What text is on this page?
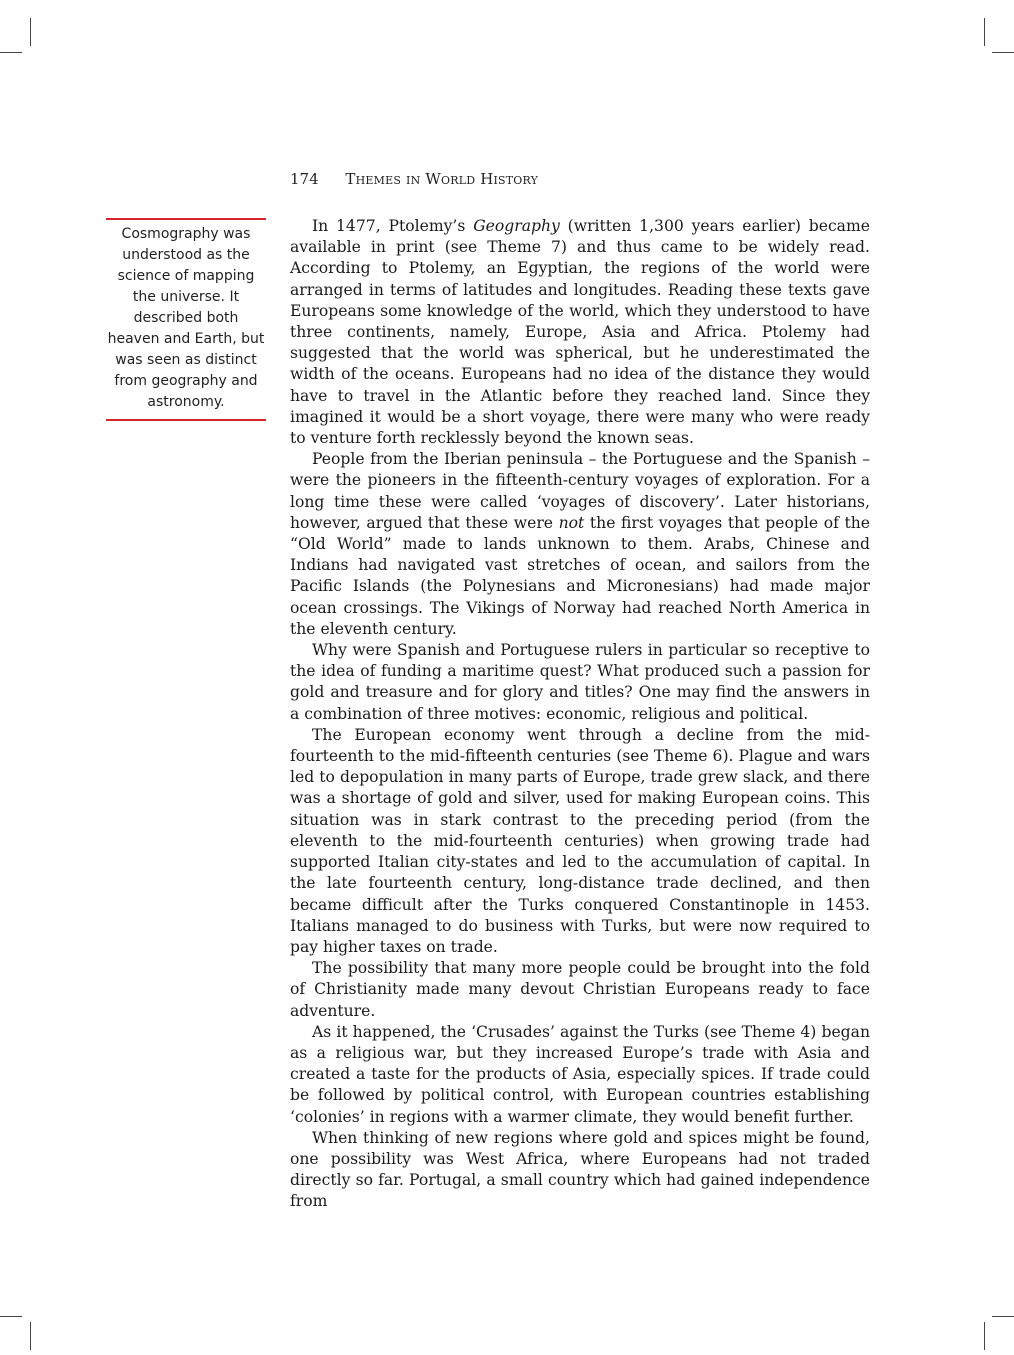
174 Themes in World History
Cosmography was understood as the science of mapping the universe. It described both heaven and Earth, but was seen as distinct from geography and astronomy.

In 1477, Ptolemy’s Geography (written 1,300 years earlier) became available in print (see Theme 7) and thus came to be widely read. According to Ptolemy, an Egyptian, the regions of the world were arranged in terms of latitudes and longitudes. Reading these texts gave Europeans some knowledge of the world, which they understood to have three continents, namely, Europe, Asia and Africa. Ptolemy had suggested that the world was spherical, but he underestimated the width of the oceans. Europeans had no idea of the distance they would have to travel in the Atlantic before they reached land. Since they imagined it would be a short voyage, there were many who were ready to venture forth recklessly beyond the known seas.

People from the Iberian peninsula – the Portuguese and the Spanish – were the pioneers in the fifteenth-century voyages of exploration. For a long time these were called ‘voyages of discovery’. Later historians, however, argued that these were not the first voyages that people of the “Old World” made to lands unknown to them. Arabs, Chinese and Indians had navigated vast stretches of ocean, and sailors from the Pacific Islands (the Polynesians and Micronesians) had made major ocean crossings. The Vikings of Norway had reached North America in the eleventh century.

Why were Spanish and Portuguese rulers in particular so receptive to the idea of funding a maritime quest? What produced such a passion for gold and treasure and for glory and titles? One may find the answers in a combination of three motives: economic, religious and political.

The European economy went through a decline from the mid-fourteenth to the mid-fifteenth centuries (see Theme 6). Plague and wars led to depopulation in many parts of Europe, trade grew slack, and there was a shortage of gold and silver, used for making European coins. This situation was in stark contrast to the preceding period (from the eleventh to the mid-fourteenth centuries) when growing trade had supported Italian city-states and led to the accumulation of capital. In the late fourteenth century, long-distance trade declined, and then became difficult after the Turks conquered Constantinople in 1453. Italians managed to do business with Turks, but were now required to pay higher taxes on trade.

The possibility that many more people could be brought into the fold of Christianity made many devout Christian Europeans ready to face adventure.

As it happened, the ‘Crusades’ against the Turks (see Theme 4) began as a religious war, but they increased Europe’s trade with Asia and created a taste for the products of Asia, especially spices. If trade could be followed by political control, with European countries establishing ‘colonies’ in regions with a warmer climate, they would benefit further.

When thinking of new regions where gold and spices might be found, one possibility was West Africa, where Europeans had not traded directly so far. Portugal, a small country which had gained independence from
